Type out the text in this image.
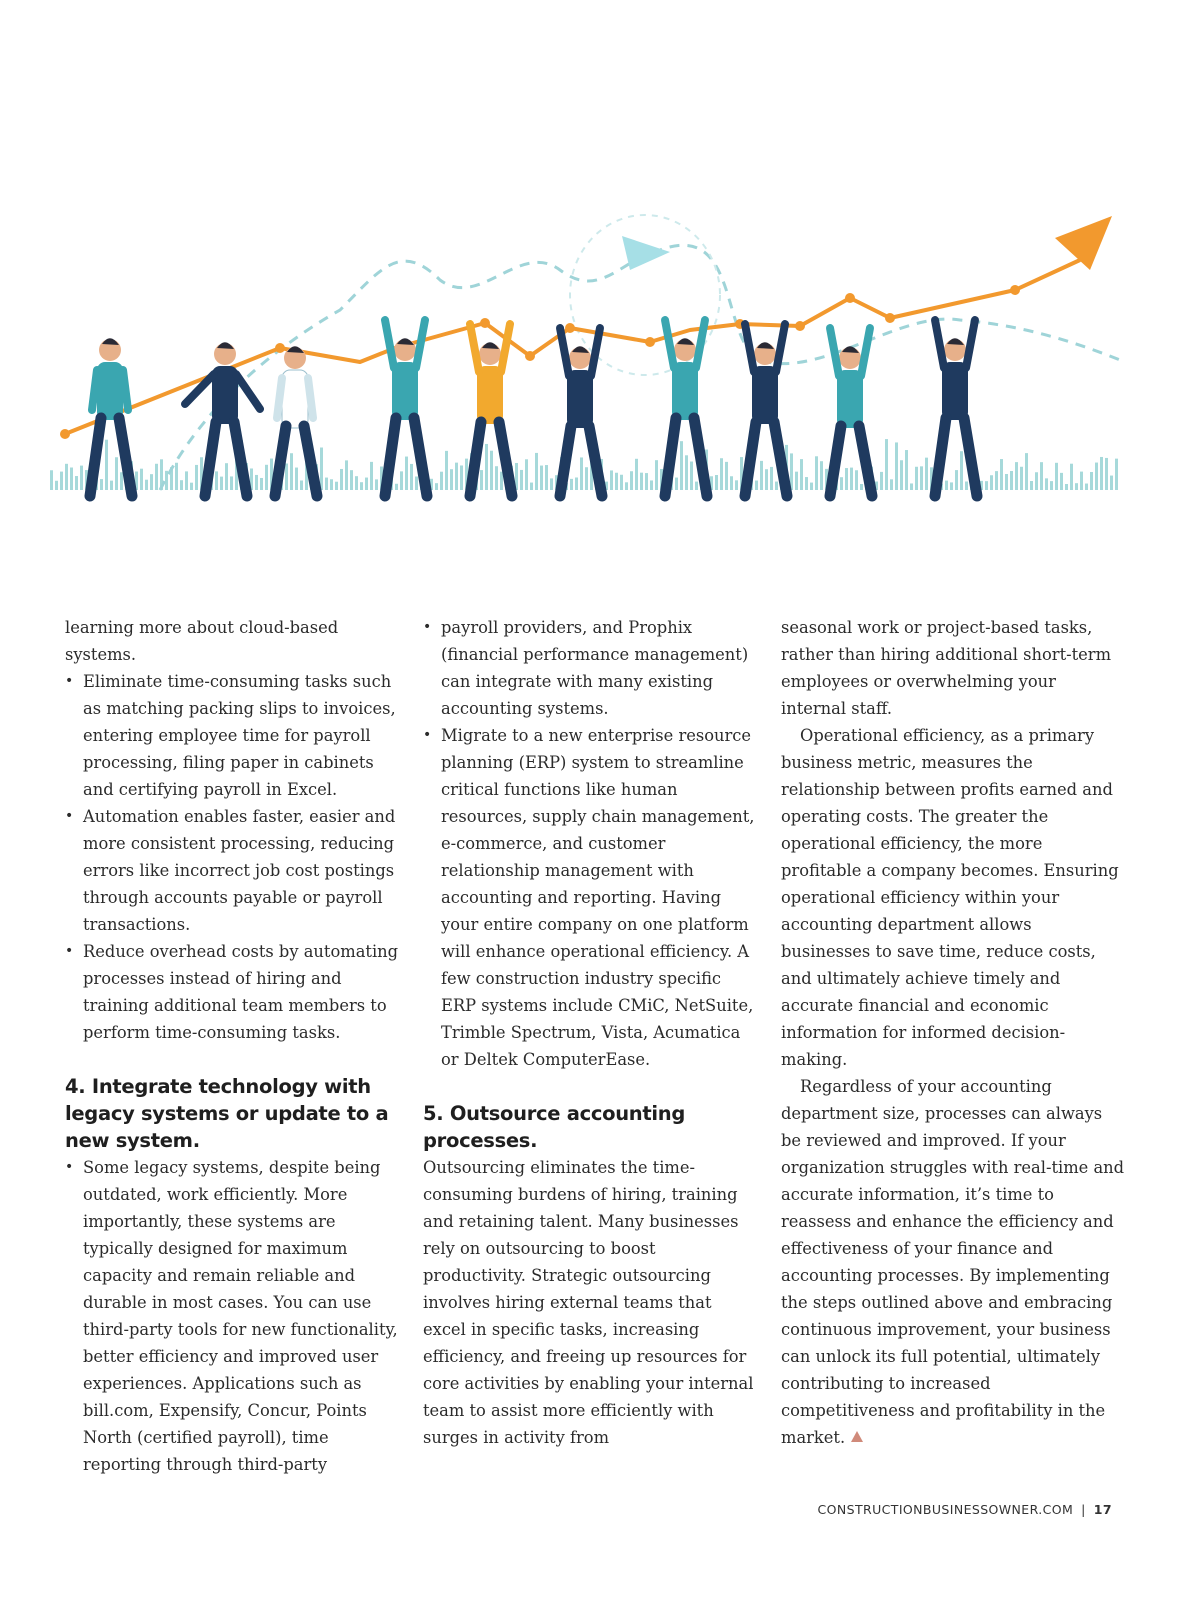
learning more about cloud-based systems.

• Eliminate time-consuming tasks such as matching packing slips to invoices, entering employee time for payroll processing, filing paper in cabinets and certifying payroll in Excel.
• Automation enables faster, easier and more consistent processing, reducing errors like incorrect job cost postings through accounts payable or payroll transactions.
• Reduce overhead costs by automating processes instead of hiring and training additional team members to perform time-consuming tasks.
4. Integrate technology with legacy systems or update to a new system.
• Some legacy systems, despite being outdated, work efficiently. More importantly, these systems are typically designed for maximum capacity and remain reliable and durable in most cases. You can use third-party tools for new functionality, better efficiency and improved user experiences. Applications such as bill.com, Expensify, Concur, Points North (certified payroll), time reporting through third-party
• payroll providers, and Prophix (financial performance management) can integrate with many existing accounting systems.
• Migrate to a new enterprise resource planning (ERP) system to streamline critical functions like human resources, supply chain management, e-commerce, and customer relationship management with accounting and reporting. Having your entire company on one platform will enhance operational efficiency. A few construction industry specific ERP systems include CMiC, NetSuite, Trimble Spectrum, Vista, Acumatica or Deltek ComputerEase.
5. Outsource accounting processes.

Outsourcing eliminates the time-consuming burdens of hiring, training and retaining talent. Many businesses rely on outsourcing to boost productivity. Strategic outsourcing involves hiring external teams that excel in specific tasks, increasing efficiency, and freeing up resources for core activities by enabling your internal team to assist more efficiently with surges in activity from

seasonal work or project-based tasks, rather than hiring additional short-term employees or overwhelming your internal staff.

Operational efficiency, as a primary business metric, measures the relationship between profits earned and operating costs. The greater the operational efficiency, the more profitable a company becomes. Ensuring operational efficiency within your accounting department allows businesses to save time, reduce costs, and ultimately achieve timely and accurate financial and economic information for informed decision-making.

Regardless of your accounting department size, processes can always be reviewed and improved. If your organization struggles with real-time and accurate information, it’s time to reassess and enhance the efficiency and effectiveness of your finance and accounting processes. By implementing the steps outlined above and embracing continuous improvement, your business can unlock its full potential, ultimately contributing to increased competitiveness and profitability in the market.

CONSTRUCTIONBUSINESSOWNER.COM | 17
